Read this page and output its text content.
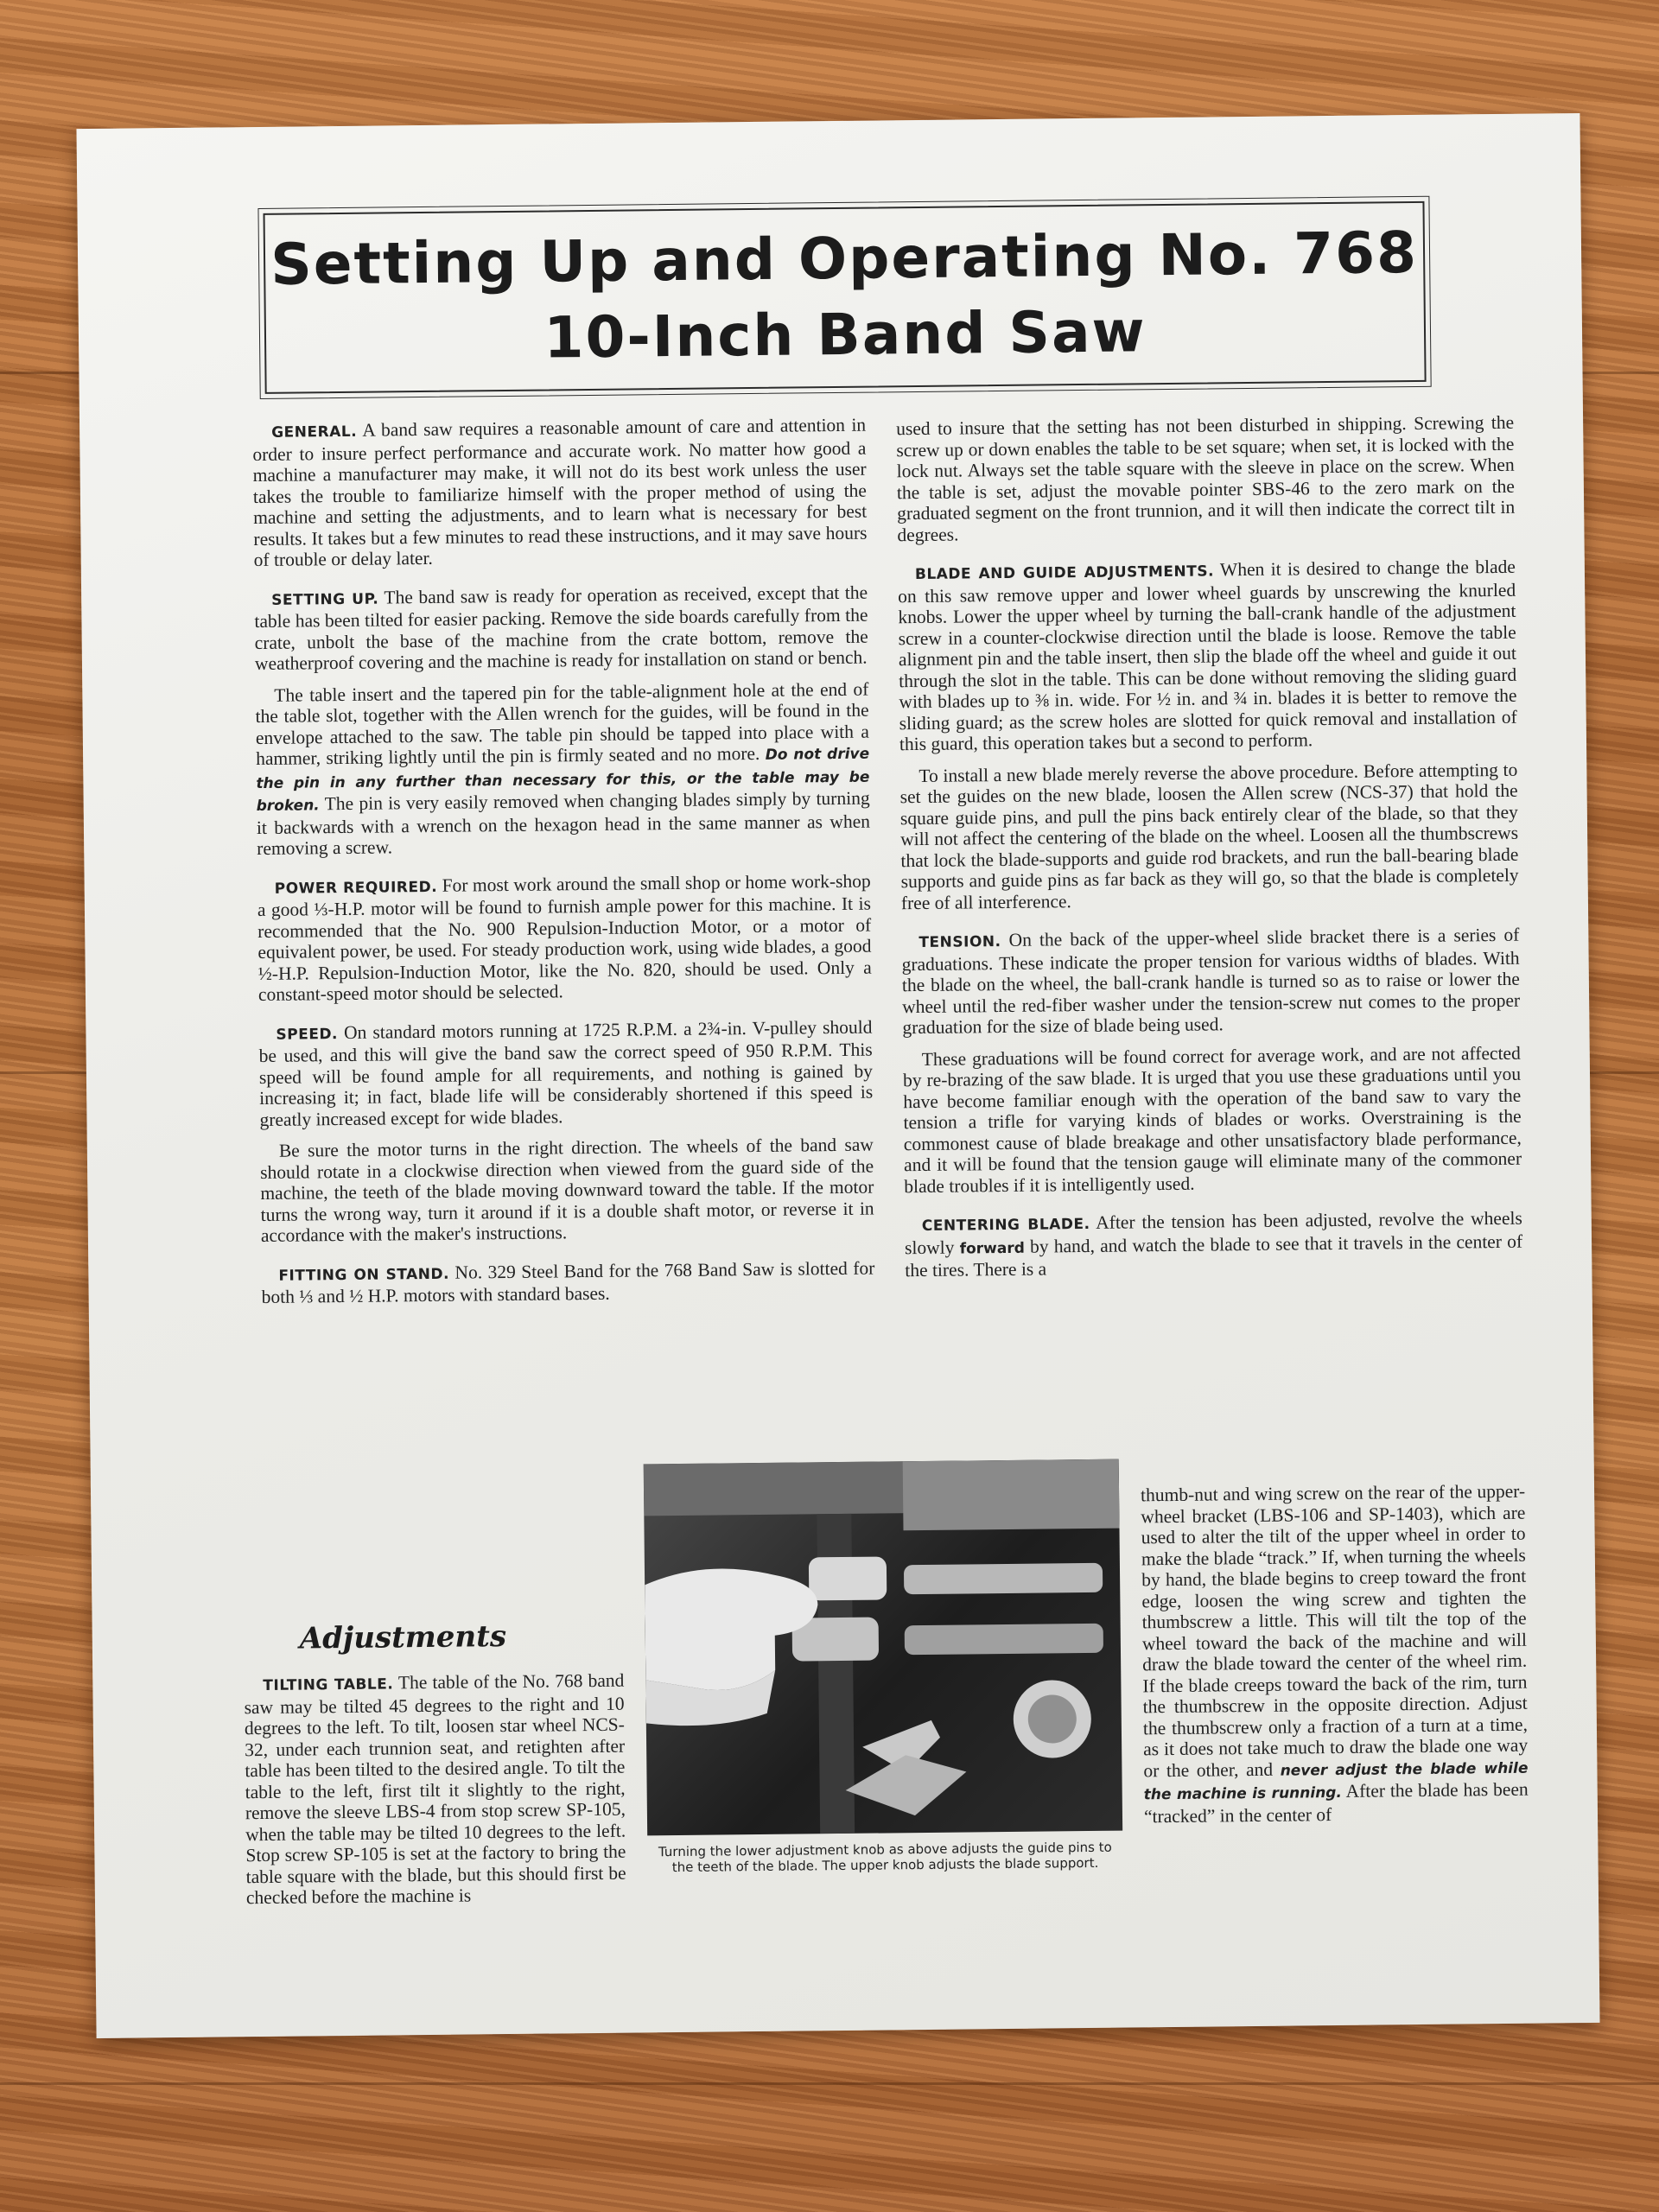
Setting Up and Operating No. 768
10-Inch Band Saw

GENERAL. A band saw requires a reasonable amount of care and attention in order to insure perfect performance and accurate work. No matter how good a machine a manufacturer may make, it will not do its best work unless the user takes the trouble to familiarize himself with the proper method of using the machine and setting the adjustments, and to learn what is necessary for best results. It takes but a few minutes to read these instructions, and it may save hours of trouble or delay later.

SETTING UP. The band saw is ready for operation as received, except that the table has been tilted for easier packing. Remove the side boards carefully from the crate, unbolt the base of the machine from the crate bottom, remove the weatherproof covering and the machine is ready for installation on stand or bench.

The table insert and the tapered pin for the table-alignment hole at the end of the table slot, together with the Allen wrench for the guides, will be found in the envelope attached to the saw. The table pin should be tapped into place with a hammer, striking lightly until the pin is firmly seated and no more. Do not drive the pin in any further than necessary for this, or the table may be broken. The pin is very easily removed when changing blades simply by turning it backwards with a wrench on the hexagon head in the same manner as when removing a screw.

POWER REQUIRED. For most work around the small shop or home work-shop a good ⅓-H.P. motor will be found to furnish ample power for this machine. It is recommended that the No. 900 Repulsion-Induction Motor, or a motor of equivalent power, be used. For steady production work, using wide blades, a good ½-H.P. Repulsion-Induction Motor, like the No. 820, should be used. Only a constant-speed motor should be selected.

SPEED. On standard motors running at 1725 R.P.M. a 2¾-in. V-pulley should be used, and this will give the band saw the correct speed of 950 R.P.M. This speed will be found ample for all requirements, and nothing is gained by increasing it; in fact, blade life will be considerably shortened if this speed is greatly increased except for wide blades.

Be sure the motor turns in the right direction. The wheels of the band saw should rotate in a clockwise direction when viewed from the guard side of the machine, the teeth of the blade moving downward toward the table. If the motor turns the wrong way, turn it around if it is a double shaft motor, or reverse it in accordance with the maker's instructions.

FITTING ON STAND. No. 329 Steel Band for the 768 Band Saw is slotted for both ⅓ and ½ H.P. motors with standard bases.

Adjustments

TILTING TABLE. The table of the No. 768 band saw may be tilted 45 degrees to the right and 10 degrees to the left. To tilt, loosen star wheel NCS-32, under each trunnion seat, and retighten after table has been tilted to the desired angle. To tilt the table to the left, first tilt it slightly to the right, remove the sleeve LBS-4 from stop screw SP-105, when the table may be tilted 10 degrees to the left. Stop screw SP-105 is set at the factory to bring the table square with the blade, but this should first be checked before the machine is

Turning the lower adjustment knob as above adjusts the guide pins to the teeth of the blade. The upper knob adjusts the blade support.

used to insure that the setting has not been disturbed in shipping. Screwing the screw up or down enables the table to be set square; when set, it is locked with the lock nut. Always set the table square with the sleeve in place on the screw. When the table is set, adjust the movable pointer SBS-46 to the zero mark on the graduated segment on the front trunnion, and it will then indicate the correct tilt in degrees.

BLADE AND GUIDE ADJUSTMENTS. When it is desired to change the blade on this saw remove upper and lower wheel guards by unscrewing the knurled knobs. Lower the upper wheel by turning the ball-crank handle of the adjustment screw in a counter-clockwise direction until the blade is loose. Remove the table alignment pin and the table insert, then slip the blade off the wheel and guide it out through the slot in the table. This can be done without removing the sliding guard with blades up to ⅜ in. wide. For ½ in. and ¾ in. blades it is better to remove the sliding guard; as the screw holes are slotted for quick removal and installation of this guard, this operation takes but a second to perform.

To install a new blade merely reverse the above procedure. Before attempting to set the guides on the new blade, loosen the Allen screw (NCS-37) that hold the square guide pins, and pull the pins back entirely clear of the blade, so that they will not affect the centering of the blade on the wheel. Loosen all the thumbscrews that lock the blade-supports and guide rod brackets, and run the ball-bearing blade supports and guide pins as far back as they will go, so that the blade is completely free of all interference.

TENSION. On the back of the upper-wheel slide bracket there is a series of graduations. These indicate the proper tension for various widths of blades. With the blade on the wheel, the ball-crank handle is turned so as to raise or lower the wheel until the red-fiber washer under the tension-screw nut comes to the proper graduation for the size of blade being used.

These graduations will be found correct for average work, and are not affected by re-brazing of the saw blade. It is urged that you use these graduations until you have become familiar enough with the operation of the band saw to vary the tension a trifle for varying kinds of blades or works. Overstraining is the commonest cause of blade breakage and other unsatisfactory blade performance, and it will be found that the tension gauge will eliminate many of the commoner blade troubles if it is intelligently used.

CENTERING BLADE. After the tension has been adjusted, revolve the wheels slowly forward by hand, and watch the blade to see that it travels in the center of the tires. There is a

thumb-nut and wing screw on the rear of the upper-wheel bracket (LBS-106 and SP-1403), which are used to alter the tilt of the upper wheel in order to make the blade “track.” If, when turning the wheels by hand, the blade begins to creep toward the front edge, loosen the wing screw and tighten the thumbscrew a little. This will tilt the top of the wheel toward the back of the machine and will draw the blade toward the center of the wheel rim. If the blade creeps toward the back of the rim, turn the thumbscrew in the opposite direction. Adjust the thumbscrew only a fraction of a turn at a time, as it does not take much to draw the blade one way or the other, and never adjust the blade while the machine is running. After the blade has been “tracked” in the center of
